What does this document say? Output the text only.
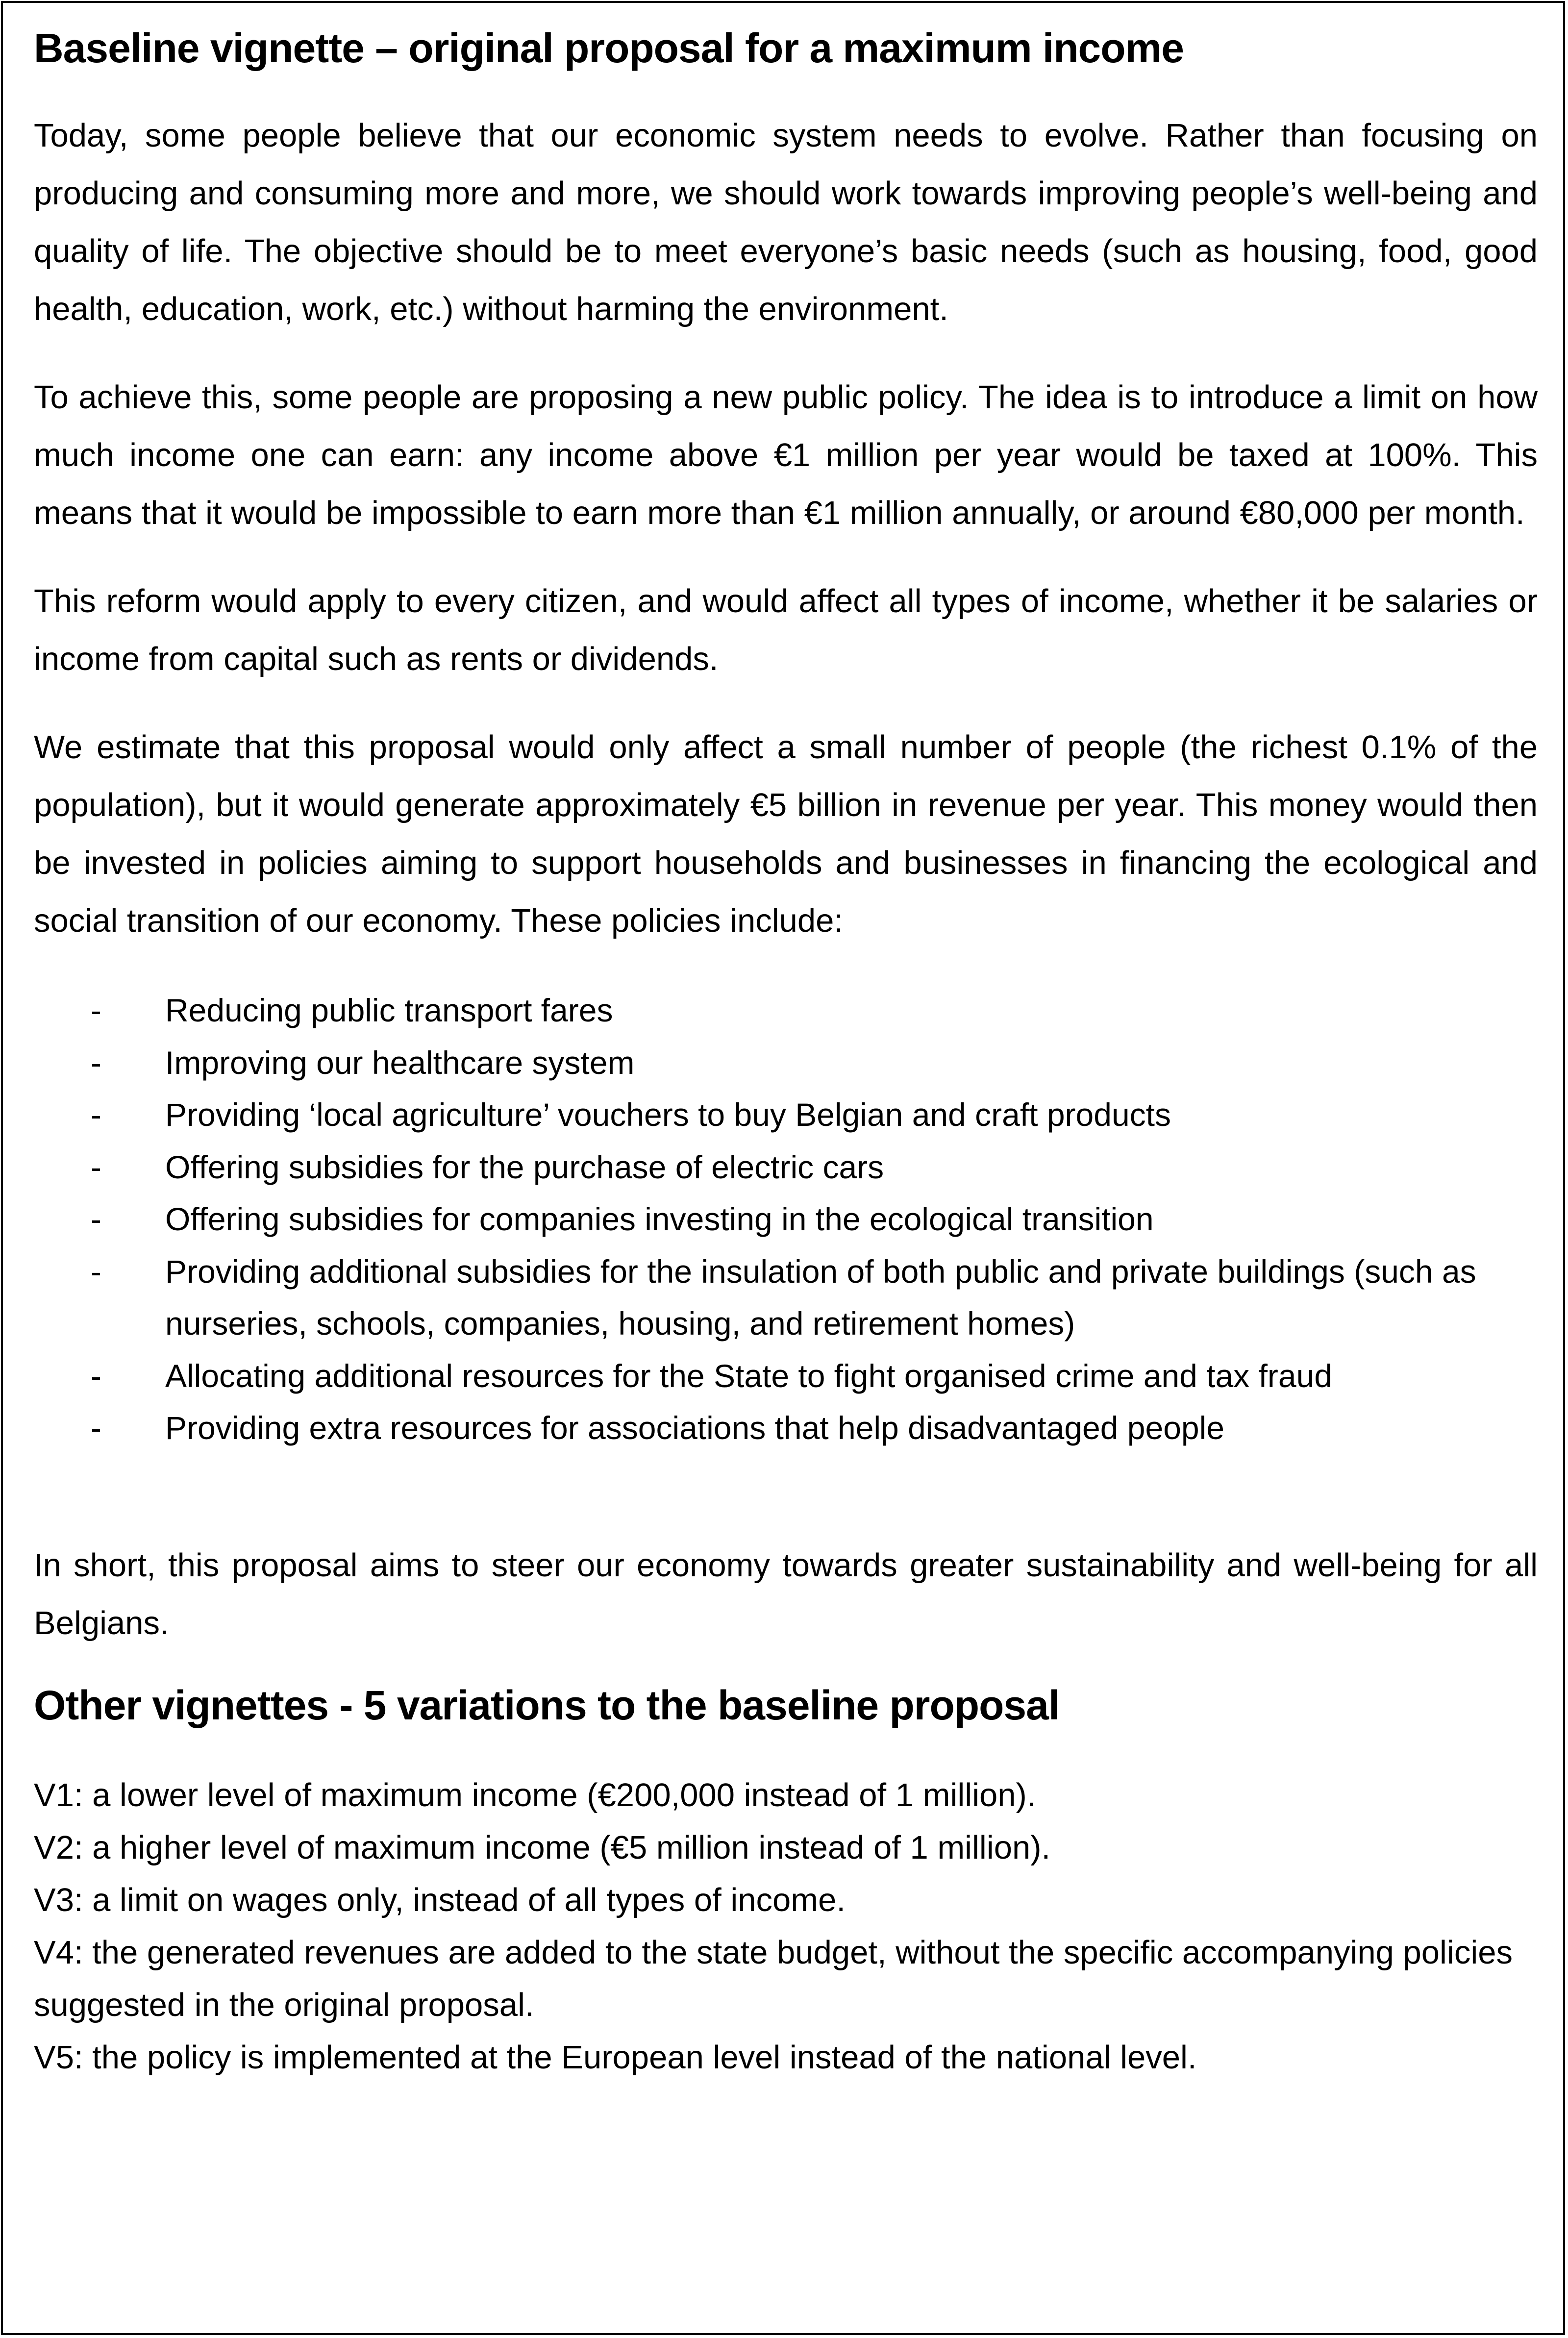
Baseline vignette – original proposal for a maximum income

Today, some people believe that our economic system needs to evolve. Rather than focusing on producing and consuming more and more, we should work towards improving people’s well-being and quality of life. The objective should be to meet everyone’s basic needs (such as housing, food, good health, education, work, etc.) without harming the environment.

To achieve this, some people are proposing a new public policy. The idea is to introduce a limit on how much income one can earn: any income above €1 million per year would be taxed at 100%. This means that it would be impossible to earn more than €1 million annually, or around €80,000 per month.

This reform would apply to every citizen, and would affect all types of income, whether it be salaries or income from capital such as rents or dividends.

We estimate that this proposal would only affect a small number of people (the richest 0.1% of the population), but it would generate approximately €5 billion in revenue per year. This money would then be invested in policies aiming to support households and businesses in financing the ecological and social transition of our economy. These policies include:

- Reducing public transport fares
- Improving our healthcare system
- Providing ‘local agriculture’ vouchers to buy Belgian and craft products
- Offering subsidies for the purchase of electric cars
- Offering subsidies for companies investing in the ecological transition
- Providing additional subsidies for the insulation of both public and private buildings (such as nurseries, schools, companies, housing, and retirement homes)
- Allocating additional resources for the State to fight organised crime and tax fraud
- Providing extra resources for associations that help disadvantaged people

In short, this proposal aims to steer our economy towards greater sustainability and well-being for all Belgians.

Other vignettes - 5 variations to the baseline proposal
V1: a lower level of maximum income (€200,000 instead of 1 million).
V2: a higher level of maximum income (€5 million instead of 1 million).
V3: a limit on wages only, instead of all types of income.
V4: the generated revenues are added to the state budget, without the specific accompanying policies suggested in the original proposal.
V5: the policy is implemented at the European level instead of the national level.
